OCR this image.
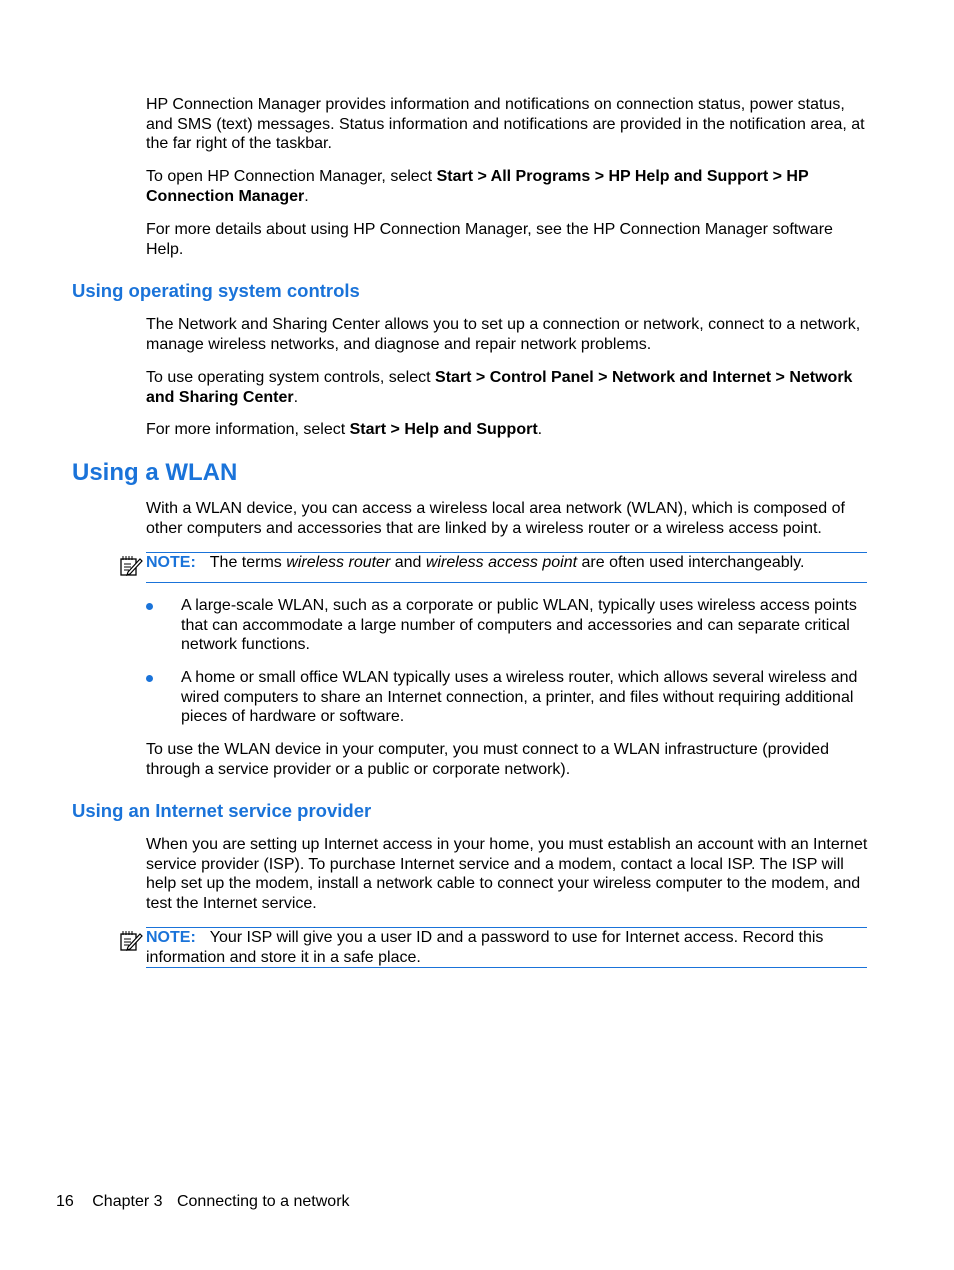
HP Connection Manager provides information and notifications on connection status, power status, and SMS (text) messages. Status information and notifications are provided in the notification area, at the far right of the taskbar.

To open HP Connection Manager, select Start > All Programs > HP Help and Support > HP Connection Manager.

For more details about using HP Connection Manager, see the HP Connection Manager software Help.

Using operating system controls

The Network and Sharing Center allows you to set up a connection or network, connect to a network, manage wireless networks, and diagnose and repair network problems.

To use operating system controls, select Start > Control Panel > Network and Internet > Network and Sharing Center.

For more information, select Start > Help and Support.

Using a WLAN

With a WLAN device, you can access a wireless local area network (WLAN), which is composed of other computers and accessories that are linked by a wireless router or a wireless access point.

NOTE: The terms wireless router and wireless access point are often used interchangeably.

A large-scale WLAN, such as a corporate or public WLAN, typically uses wireless access points that can accommodate a large number of computers and accessories and can separate critical network functions.

A home or small office WLAN typically uses a wireless router, which allows several wireless and wired computers to share an Internet connection, a printer, and files without requiring additional pieces of hardware or software.

To use the WLAN device in your computer, you must connect to a WLAN infrastructure (provided through a service provider or a public or corporate network).

Using an Internet service provider

When you are setting up Internet access in your home, you must establish an account with an Internet service provider (ISP). To purchase Internet service and a modem, contact a local ISP. The ISP will help set up the modem, install a network cable to connect your wireless computer to the modem, and test the Internet service.

NOTE: Your ISP will give you a user ID and a password to use for Internet access. Record this information and store it in a safe place.

16 Chapter 3 Connecting to a network
